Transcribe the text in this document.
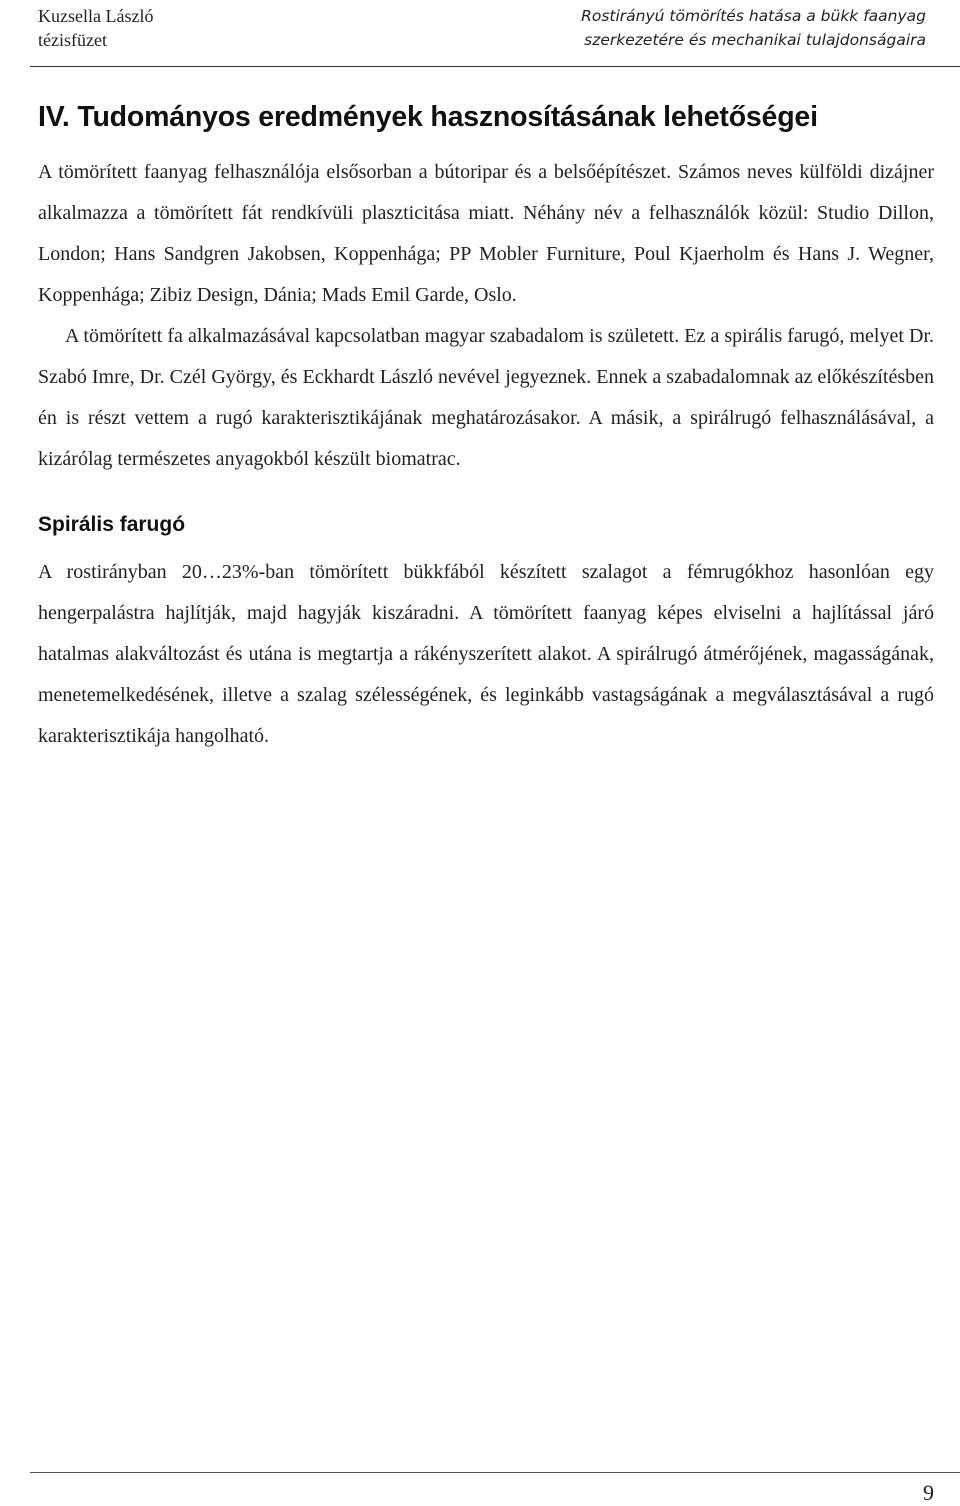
Kuzsella László
tézisfüzet
Rostirányú tömörítés hatása a bükk faanyag
szerkezetére és mechanikai tulajdonságaira
IV. Tudományos eredmények hasznosításának lehetőségei

A tömörített faanyag felhasználója elsősorban a bútoripar és a belsőépítészet. Számos neves külföldi dizájner alkalmazza a tömörített fát rendkívüli plaszticitása miatt. Néhány név a felhasználók közül: Studio Dillon, London; Hans Sandgren Jakobsen, Koppenhága; PP Mobler Furniture, Poul Kjaerholm és Hans J. Wegner, Koppenhága; Zibiz Design, Dánia; Mads Emil Garde, Oslo.

A tömörített fa alkalmazásával kapcsolatban magyar szabadalom is született. Ez a spirális farugó, melyet Dr. Szabó Imre, Dr. Czél György, és Eckhardt László nevével jegyeznek. Ennek a szabadalomnak az előkészítésben én is részt vettem a rugó karakterisztikájának meghatározásakor. A másik, a spirálrugó felhasználásával, a kizárólag természetes anyagokból készült biomatrac.

Spirális farugó

A rostirányban 20…23%-ban tömörített bükkfából készített szalagot a fémrugókhoz hasonlóan egy hengerpalástra hajlítják, majd hagyják kiszáradni. A tömörített faanyag képes elviselni a hajlítással járó hatalmas alakváltozást és utána is megtartja a rákényszerített alakot. A spirálrugó átmérőjének, magasságának, menetemelkedésének, illetve a szalag szélességének, és leginkább vastagságának a megválasztásával a rugó karakterisztikája hangolható.

9
